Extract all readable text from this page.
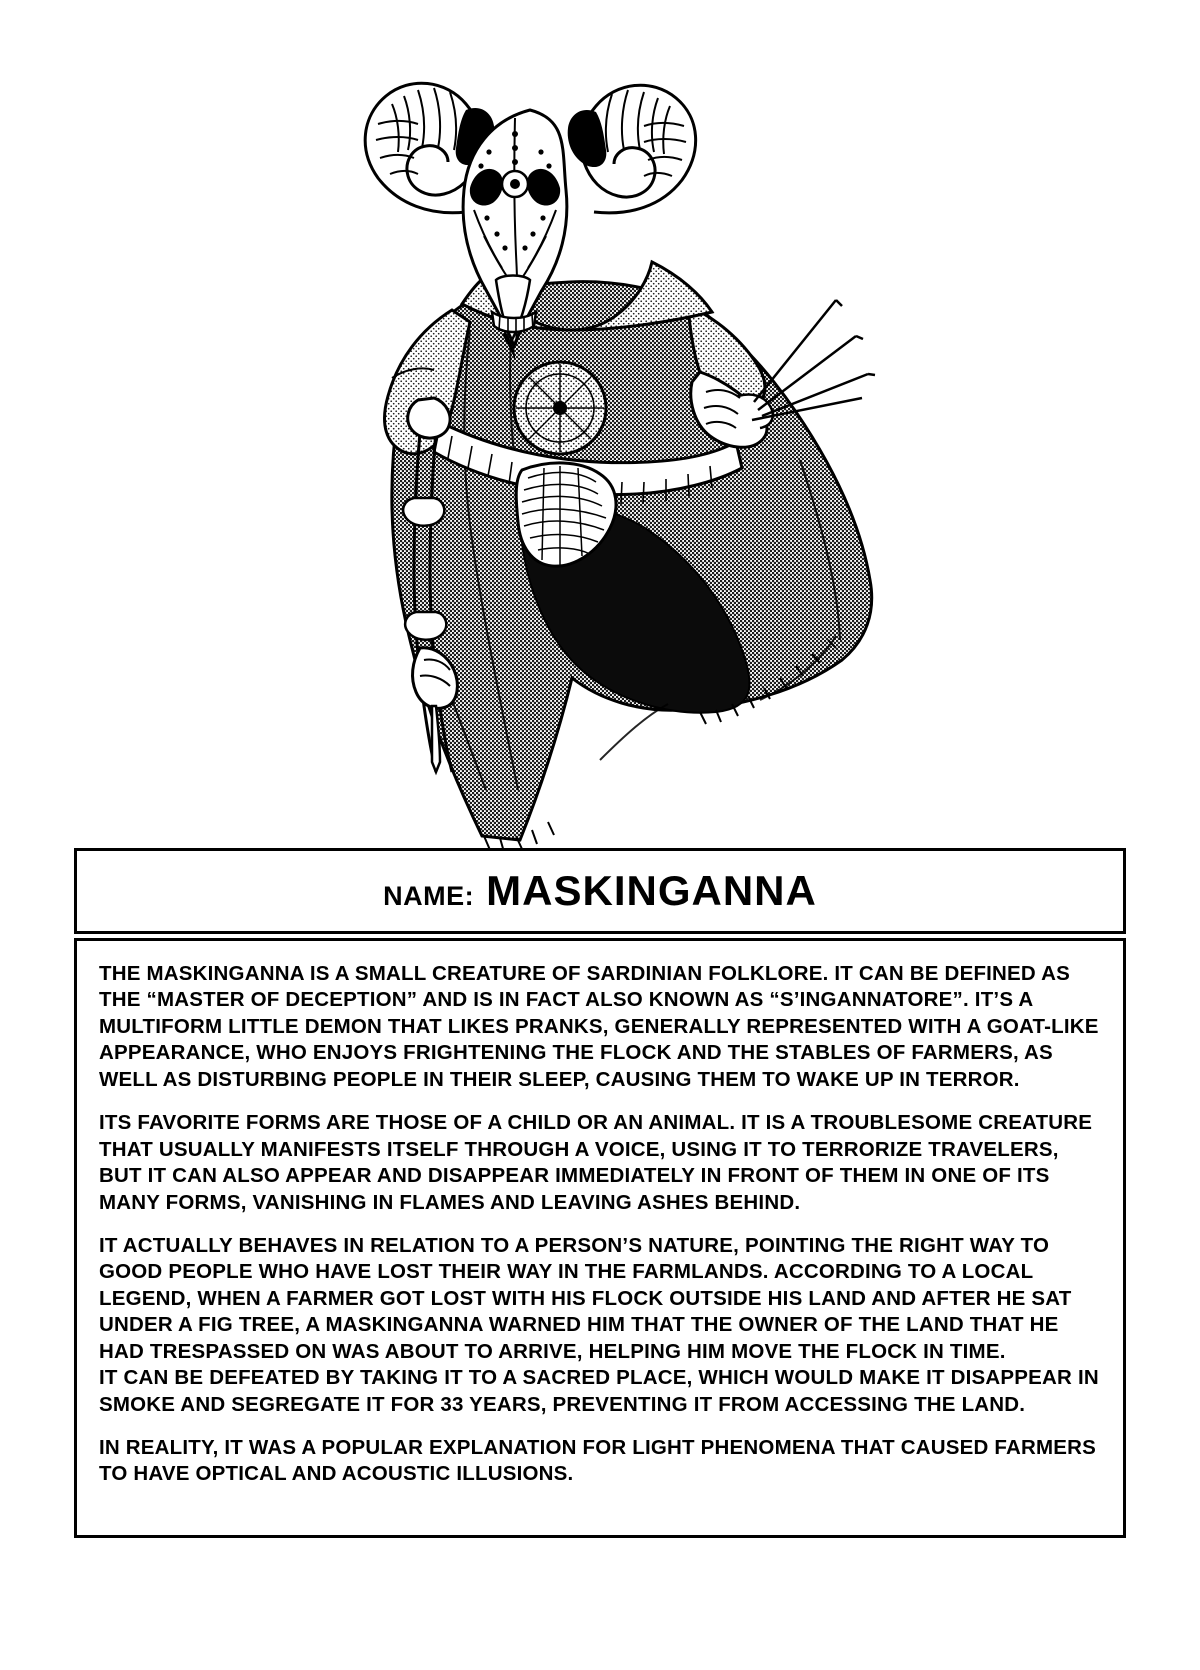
NAME: MASKINGANNA

THE MASKINGANNA IS A SMALL CREATURE OF SARDINIAN FOLKLORE. IT CAN BE DEFINED AS THE “MASTER OF DECEPTION” AND IS IN FACT ALSO KNOWN AS “S’INGANNATORE”. IT’S A MULTIFORM LITTLE DEMON THAT LIKES PRANKS, GENERALLY REPRESENTED WITH A GOAT-LIKE APPEARANCE, WHO ENJOYS FRIGHTENING THE FLOCK AND THE STABLES OF FARMERS, AS WELL AS DISTURBING PEOPLE IN THEIR SLEEP, CAUSING THEM TO WAKE UP IN TERROR.

ITS FAVORITE FORMS ARE THOSE OF A CHILD OR AN ANIMAL. IT IS A TROUBLESOME CREATURE THAT USUALLY MANIFESTS ITSELF THROUGH A VOICE, USING IT TO TERRORIZE TRAVELERS, BUT IT CAN ALSO APPEAR AND DISAPPEAR IMMEDIATELY IN FRONT OF THEM IN ONE OF ITS MANY FORMS, VANISHING IN FLAMES AND LEAVING ASHES BEHIND.

IT ACTUALLY BEHAVES IN RELATION TO A PERSON’S NATURE, POINTING THE RIGHT WAY TO GOOD PEOPLE WHO HAVE LOST THEIR WAY IN THE FARMLANDS. ACCORDING TO A LOCAL LEGEND, WHEN A FARMER GOT LOST WITH HIS FLOCK OUTSIDE HIS LAND AND AFTER HE SAT UNDER A FIG TREE, A MASKINGANNA WARNED HIM THAT THE OWNER OF THE LAND THAT HE HAD TRESPASSED ON WAS ABOUT TO ARRIVE, HELPING HIM MOVE THE FLOCK IN TIME.

IT CAN BE DEFEATED BY TAKING IT TO A SACRED PLACE, WHICH WOULD MAKE IT DISAPPEAR IN SMOKE AND SEGREGATE IT FOR 33 YEARS, PREVENTING IT FROM ACCESSING THE LAND.

IN REALITY, IT WAS A POPULAR EXPLANATION FOR LIGHT PHENOMENA THAT CAUSED FARMERS TO HAVE OPTICAL AND ACOUSTIC ILLUSIONS.
